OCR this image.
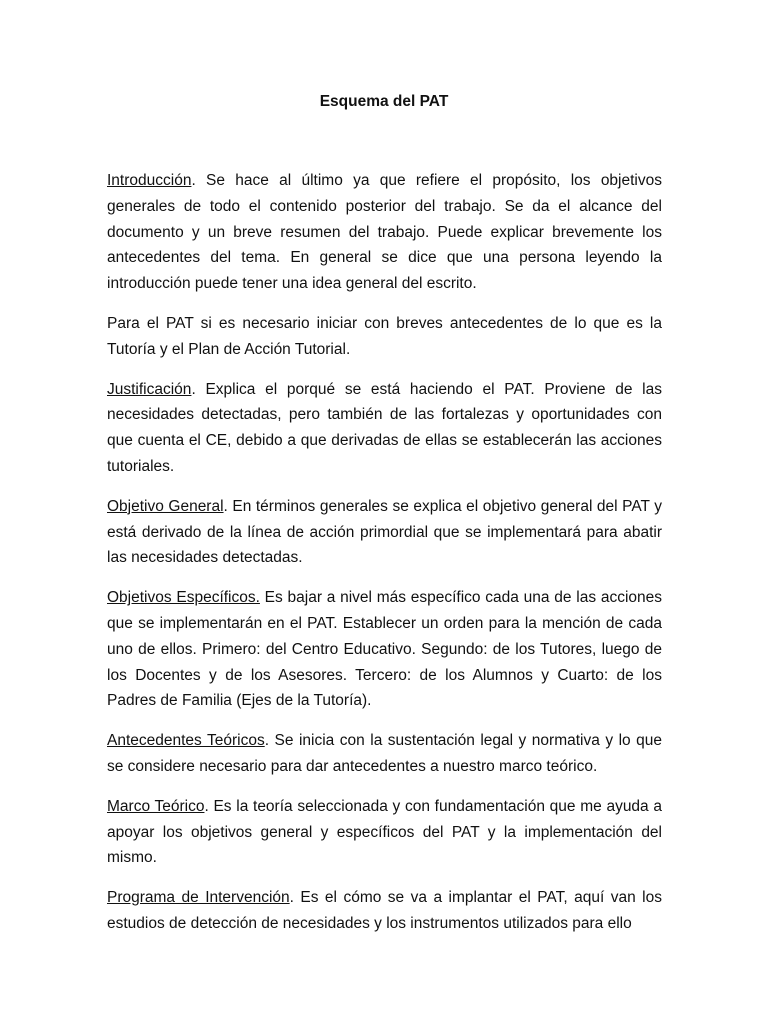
Esquema del PAT

Introducción. Se hace al último ya que refiere el propósito, los objetivos generales de todo el contenido posterior del trabajo. Se da el alcance del documento y un breve resumen del trabajo. Puede explicar brevemente los antecedentes del tema. En general se dice que una persona leyendo la introducción puede tener una idea general del escrito.

Para el PAT si es necesario iniciar con breves antecedentes de lo que es la Tutoría y el Plan de Acción Tutorial.

Justificación. Explica el porqué se está haciendo el PAT. Proviene de las necesidades detectadas, pero también de las fortalezas y oportunidades con que cuenta el CE, debido a que derivadas de ellas se establecerán las acciones tutoriales.

Objetivo General. En términos generales se explica el objetivo general del PAT y está derivado de la línea de acción primordial que se implementará para abatir las necesidades detectadas.

Objetivos Específicos. Es bajar a nivel más específico cada una de las acciones que se implementarán en el PAT. Establecer un orden para la mención de cada uno de ellos. Primero: del Centro Educativo. Segundo: de los Tutores, luego de los Docentes y de los Asesores. Tercero: de los Alumnos y Cuarto: de los Padres de Familia (Ejes de la Tutoría).

Antecedentes Teóricos. Se inicia con la sustentación legal y normativa y lo que se considere necesario para dar antecedentes a nuestro marco teórico.

Marco Teórico. Es la teoría seleccionada y con fundamentación que me ayuda a apoyar los objetivos general y específicos del PAT y la implementación del mismo.

Programa de Intervención. Es el cómo se va a implantar el PAT, aquí van los estudios de detección de necesidades y los instrumentos utilizados para ello
